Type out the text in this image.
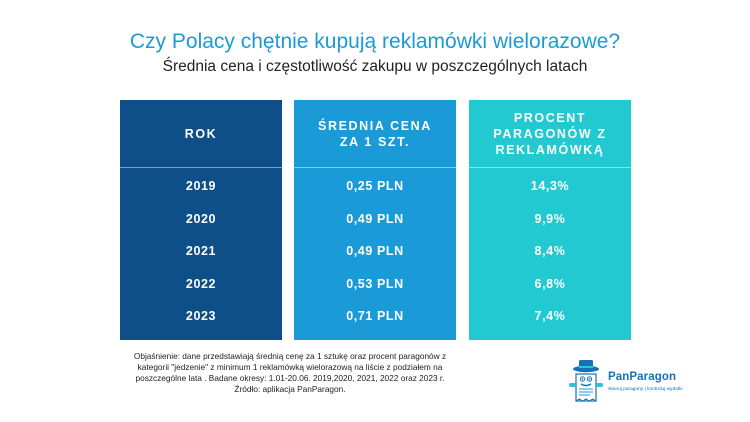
Czy Polacy chętnie kupują reklamówki wielorazowe?
Średnia cena i częstotliwość zakupu w poszczególnych latach
ROK
2019
2020
2021
2022
2023
ŚREDNIA CENA ZA 1 SZT.
0,25 PLN
0,49 PLN
0,49 PLN
0,53 PLN
0,71 PLN
PROCENT PARAGONÓW Z REKLAMÓWKĄ
14,3%
9,9%
8,4%
6,8%
7,4%
Objaśnienie: dane przedstawiają średnią cenę za 1 sztukę oraz procent paragonów z
kategorii "jedzenie" z minimum 1 reklamówką wielorazową na liście z podziałem na
poszczególne lata . Badane okresy: 1.01-20.06. 2019,2020, 2021, 2022 oraz 2023 r.
Źródło: aplikacja PanParagon.
PanParagon
skanuj paragony | kontroluj wydatki
